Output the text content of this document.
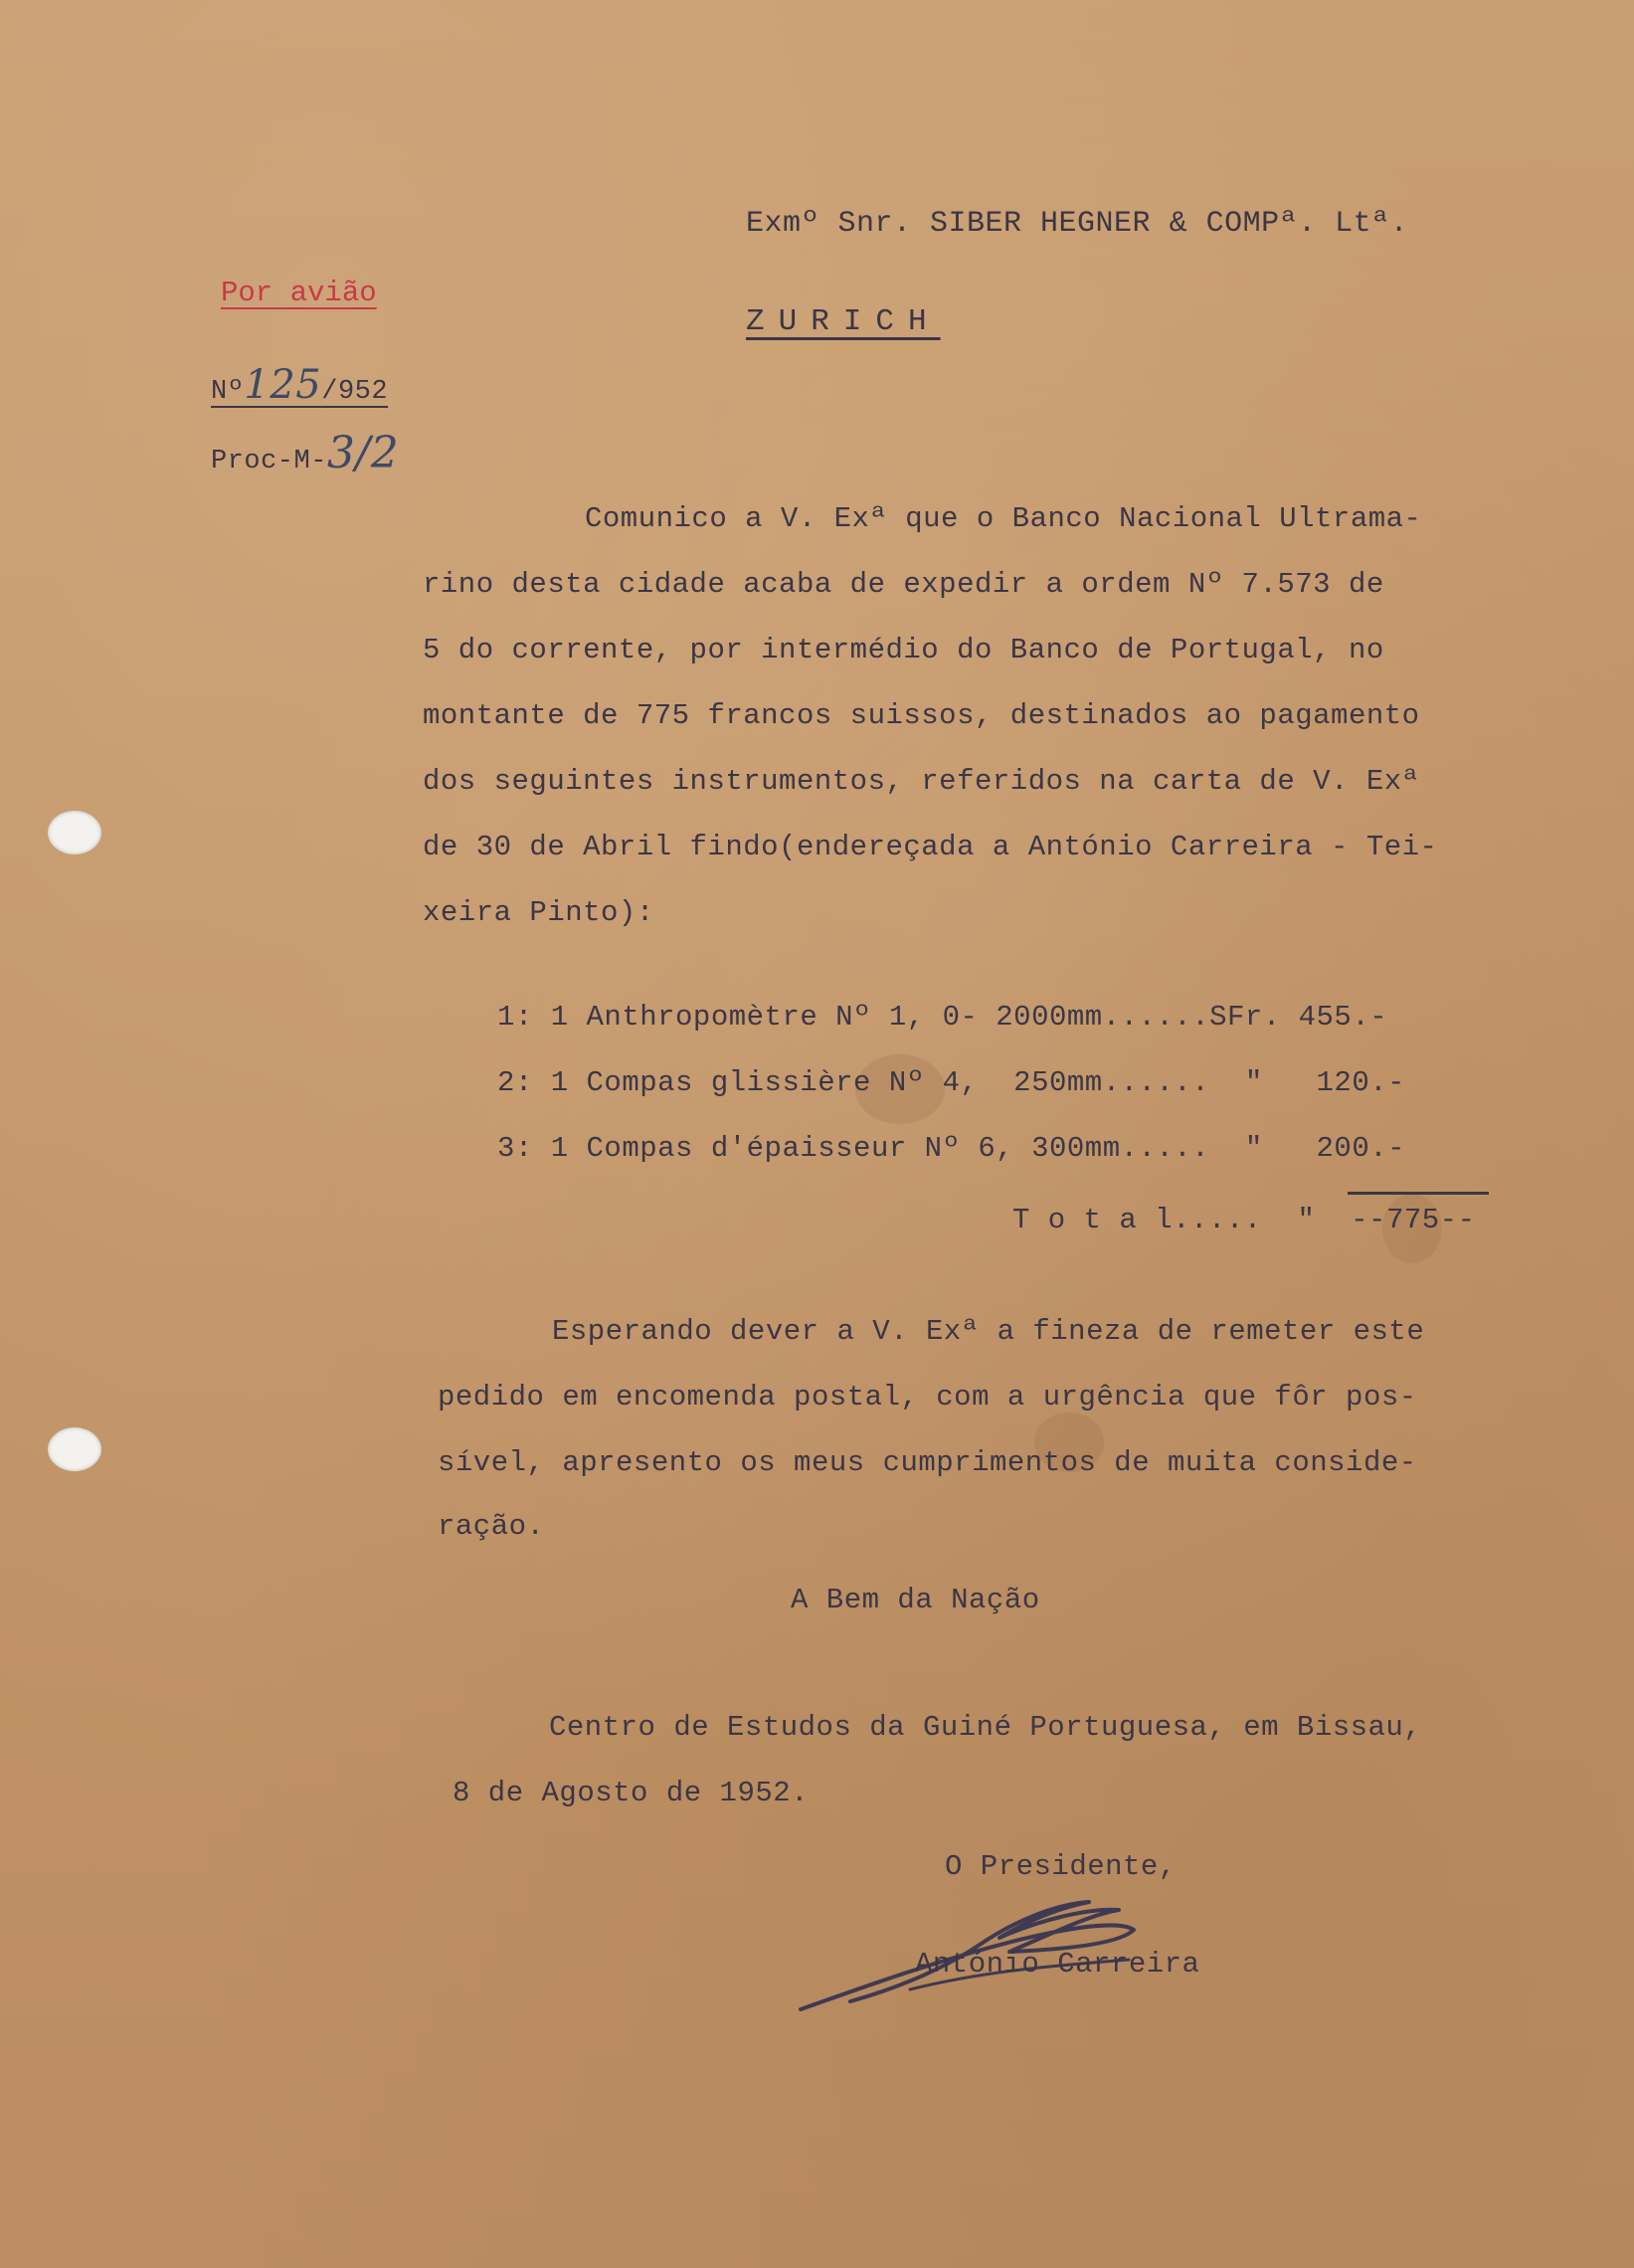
Exmº Snr. SIBER HEGNER & COMPª. Ltª.
ZURICH
Por avião
Nº125/952
Proc-M-3/2
Comunico a V. Exª que o Banco Nacional Ultrama-
rino desta cidade acaba de expedir a ordem Nº 7.573 de
5 do corrente, por intermédio do Banco de Portugal, no
montante de 775 francos suissos, destinados ao pagamento
dos seguintes instrumentos, referidos na carta de V. Exª
de 30 de Abril findo(endereçada a António Carreira - Tei-
xeira Pinto):
1: 1 Anthropomètre Nº 1, 0- 2000mm......SFr. 455.-
2: 1 Compas glissière Nº 4,  250mm......  "   120.-
3: 1 Compas d'épaisseur Nº 6, 300mm.....  "   200.-
T o t a l.....  "  --775--
Esperando dever a V. Exª a fineza de remeter este
pedido em encomenda postal, com a urgência que fôr pos-
sível, apresento os meus cumprimentos de muita conside-
ração.
A Bem da Nação
Centro de Estudos da Guiné Portuguesa, em Bissau,
8 de Agosto de 1952.
O Presidente,
António Carreira
